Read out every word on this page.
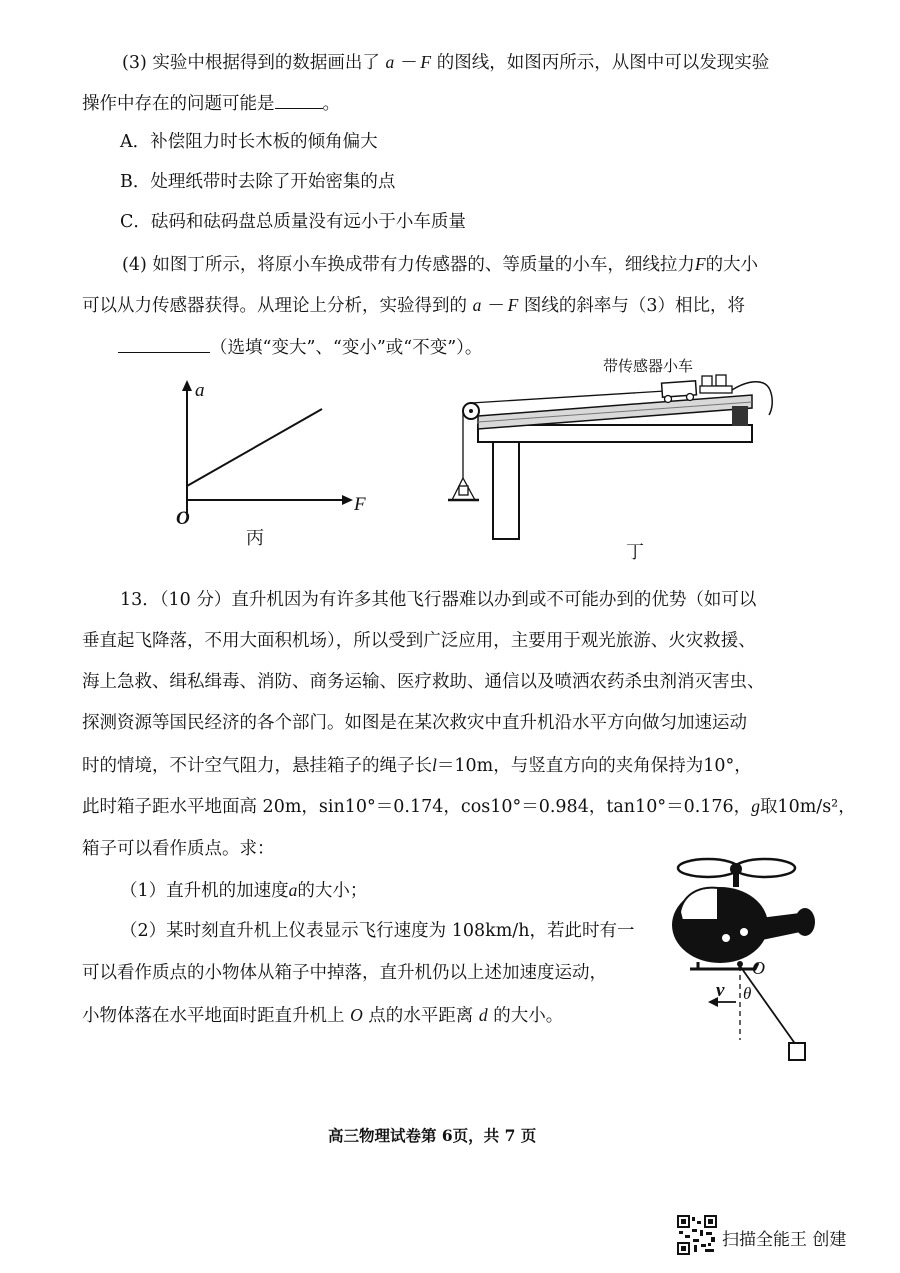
(3) 实验中根据得到的数据画出了 a － F 的图线，如图丙所示，从图中可以发现实验
操作中存在的问题可能是	。
A．补偿阻力时长木板的倾角偏大
B．处理纸带时去除了开始密集的点
C．砝码和砝码盘总质量没有远小于小车质量
(4) 如图丁所示，将原小车换成带有力传感器的、等质量的小车，细线拉力F的大小
可以从力传感器获得。从理论上分析，实验得到的 a － F 图线的斜率与（3）相比，将
（选填“变大”、“变小”或“不变”）。
a
F
O
丙
带传感器小车
丁
13．（10 分）直升机因为有许多其他飞行器难以办到或不可能办到的优势（如可以
垂直起飞降落，不用大面积机场），所以受到广泛应用，主要用于观光旅游、火灾救援、
海上急救、缉私缉毒、消防、商务运输、医疗救助、通信以及喷洒农药杀虫剂消灭害虫、
探测资源等国民经济的各个部门。如图是在某次救灾中直升机沿水平方向做匀加速运动
时的情境，不计空气阻力，悬挂箱子的绳子长l＝10m，与竖直方向的夹角保持为10°，
此时箱子距水平地面高 20m，sin10°＝0.174，cos10°＝0.984，tan10°＝0.176，g取10m/s²，
箱子可以看作质点。求：
（1）直升机的加速度a的大小；
（2）某时刻直升机上仪表显示飞行速度为 108km/h，若此时有一
可以看作质点的小物体从箱子中掉落，直升机仍以上述加速度运动，
小物体落在水平地面时距直升机上 O 点的水平距离 d 的大小。
O
v θ
高三物理试卷第 6页，共 7 页
扫描全能王 创建
